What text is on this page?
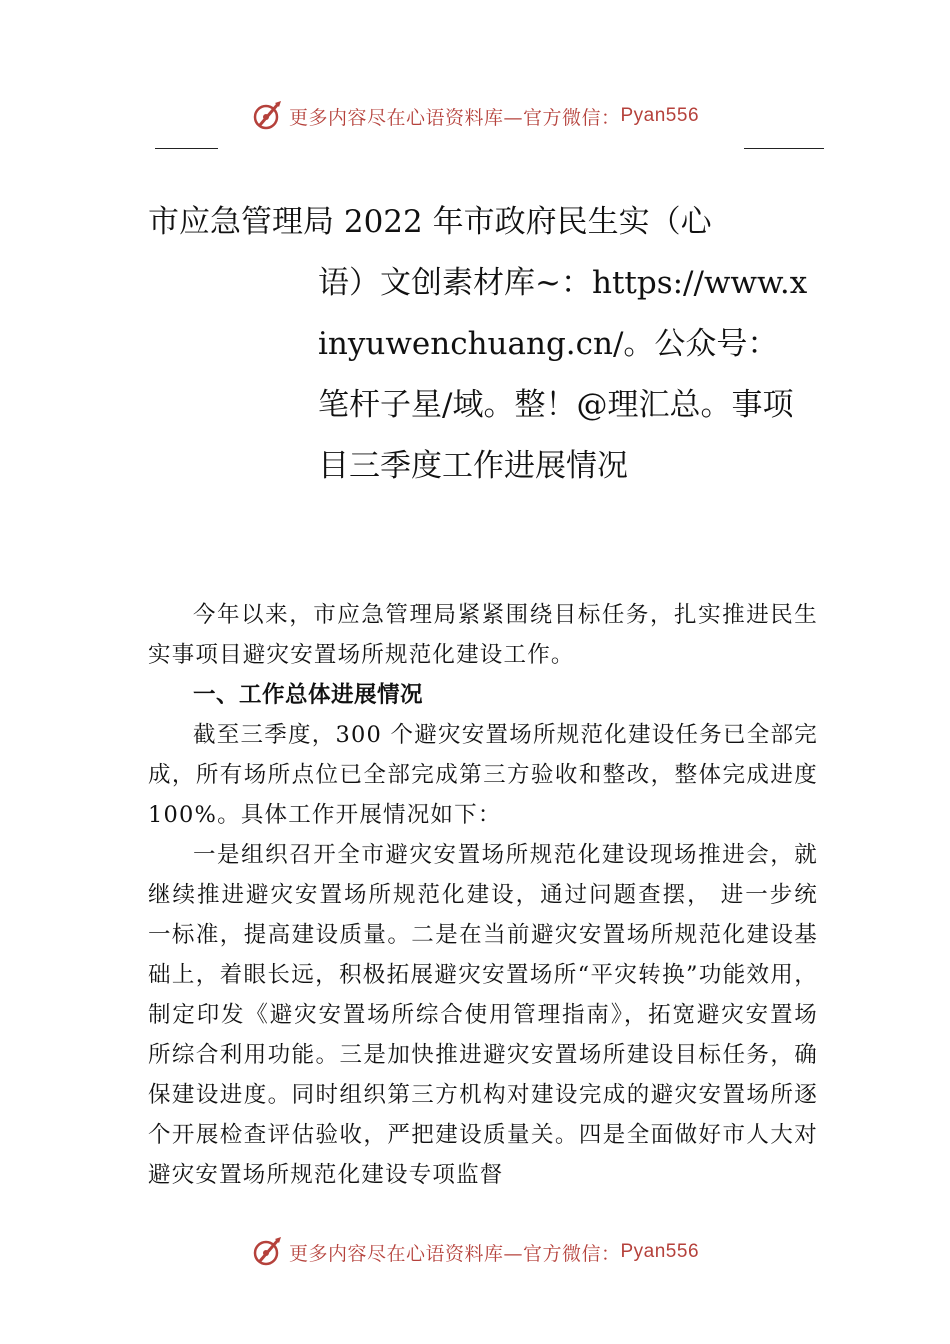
更多内容尽在心语资料库—官方微信： Pyan556
市应急管理局 2022 年市政府民生实（心
语）文创素材库~：https://www.xinyuwenchuang.cn/。公众号：笔杆子星/域。整！@理汇总。事项目三季度工作进展情况

今年以来，市应急管理局紧紧围绕目标任务，扎实推进民生实事项目避灾安置场所规范化建设工作。

一、工作总体进展情况

截至三季度，300 个避灾安置场所规范化建设任务已全部完成，所有场所点位已全部完成第三方验收和整改，整体完成进度 100%。具体工作开展情况如下：

一是组织召开全市避灾安置场所规范化建设现场推进会，就继续推进避灾安置场所规范化建设，通过问题查摆， 进一步统一标准，提高建设质量。二是在当前避灾安置场所规范化建设基础上，着眼长远，积极拓展避灾安置场所“平灾转换”功能效用，制定印发《避灾安置场所综合使用管理指南》，拓宽避灾安置场所综合利用功能。三是加快推进避灾安置场所建设目标任务，确保建设进度。同时组织第三方机构对建设完成的避灾安置场所逐个开展检查评估验收，严把建设质量关。四是全面做好市人大对避灾安置场所规范化建设专项监督

更多内容尽在心语资料库—官方微信： Pyan556
